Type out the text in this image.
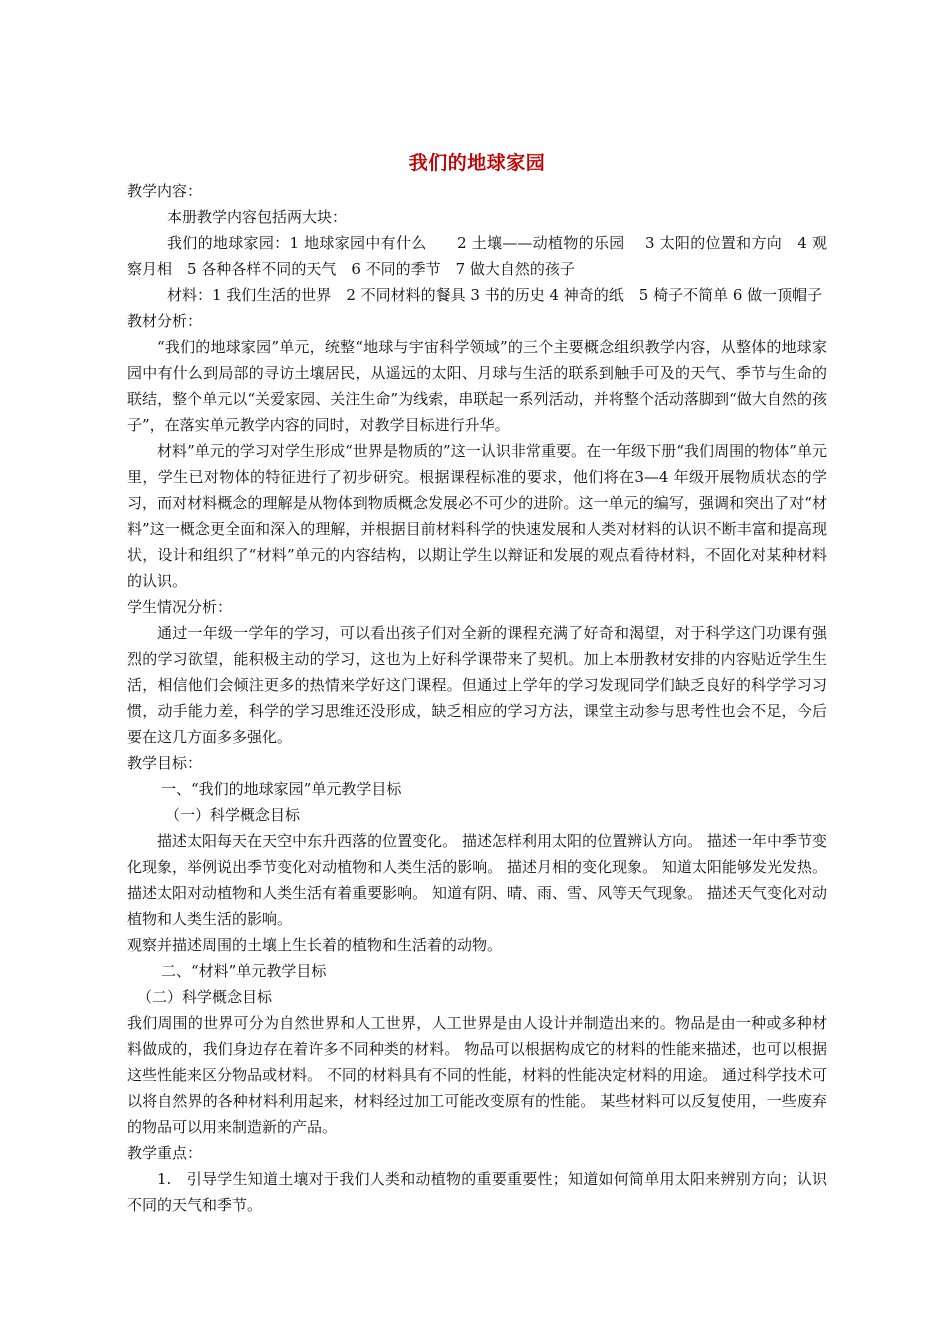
我们的地球家园

教学内容：

本册教学内容包括两大块：

我们的地球家园：1 地球家园中有什么　　2 土壤——动植物的乐园　 3 太阳的位置和方向　4 观察月相　5 各种各样不同的天气　6 不同的季节　7 做大自然的孩子

材料：1 我们生活的世界　2 不同材料的餐具 3 书的历史 4 神奇的纸　5 椅子不简单 6 做一顶帽子

教材分析：

“我们的地球家园”单元，统整“地球与宇宙科学领域”的三个主要概念组织教学内容，从整体的地球家园中有什么到局部的寻访土壤居民，从遥远的太阳、月球与生活的联系到触手可及的天气、季节与生命的联结，整个单元以“关爱家园、关注生命”为线索，串联起一系列活动，并将整个活动落脚到“做大自然的孩子”，在落实单元教学内容的同时，对教学目标进行升华。

材料”单元的学习对学生形成“世界是物质的”这一认识非常重要。在一年级下册“我们周围的物体”单元里，学生已对物体的特征进行了初步研究。根据课程标准的要求，他们将在3—4 年级开展物质状态的学习，而对材料概念的理解是从物体到物质概念发展必不可少的进阶。这一单元的编写，强调和突出了对“材料”这一概念更全面和深入的理解，并根据目前材料科学的快速发展和人类对材料的认识不断丰富和提高现状，设计和组织了“材料”单元的内容结构，以期让学生以辩证和发展的观点看待材料，不固化对某种材料的认识。

学生情况分析：

通过一年级一学年的学习，可以看出孩子们对全新的课程充满了好奇和渴望，对于科学这门功课有强烈的学习欲望，能积极主动的学习，这也为上好科学课带来了契机。加上本册教材安排的内容贴近学生生活，相信他们会倾注更多的热情来学好这门课程。但通过上学年的学习发现同学们缺乏良好的科学学习习惯，动手能力差，科学的学习思维还没形成，缺乏相应的学习方法，课堂主动参与思考性也会不足，今后要在这几方面多多强化。

教学目标：

一、“我们的地球家园”单元教学目标

（一）科学概念目标

描述太阳每天在天空中东升西落的位置变化。 描述怎样利用太阳的位置辨认方向。 描述一年中季节变化现象，举例说出季节变化对动植物和人类生活的影响。 描述月相的变化现象。 知道太阳能够发光发热。 描述太阳对动植物和人类生活有着重要影响。 知道有阴、晴、雨、雪、风等天气现象。 描述天气变化对动植物和人类生活的影响。

观察并描述周围的土壤上生长着的植物和生活着的动物。

二、“材料”单元教学目标

（二）科学概念目标

我们周围的世界可分为自然世界和人工世界，人工世界是由人设计并制造出来的。物品是由一种或多种材料做成的，我们身边存在着许多不同种类的材料。 物品可以根据构成它的材料的性能来描述，也可以根据这些性能来区分物品或材料。 不同的材料具有不同的性能，材料的性能决定材料的用途。 通过科学技术可以将自然界的各种材料利用起来，材料经过加工可能改变原有的性能。 某些材料可以反复使用，一些废弃的物品可以用来制造新的产品。

教学重点：

1.　引导学生知道土壤对于我们人类和动植物的重要重要性；知道如何简单用太阳来辨别方向；认识不同的天气和季节。
